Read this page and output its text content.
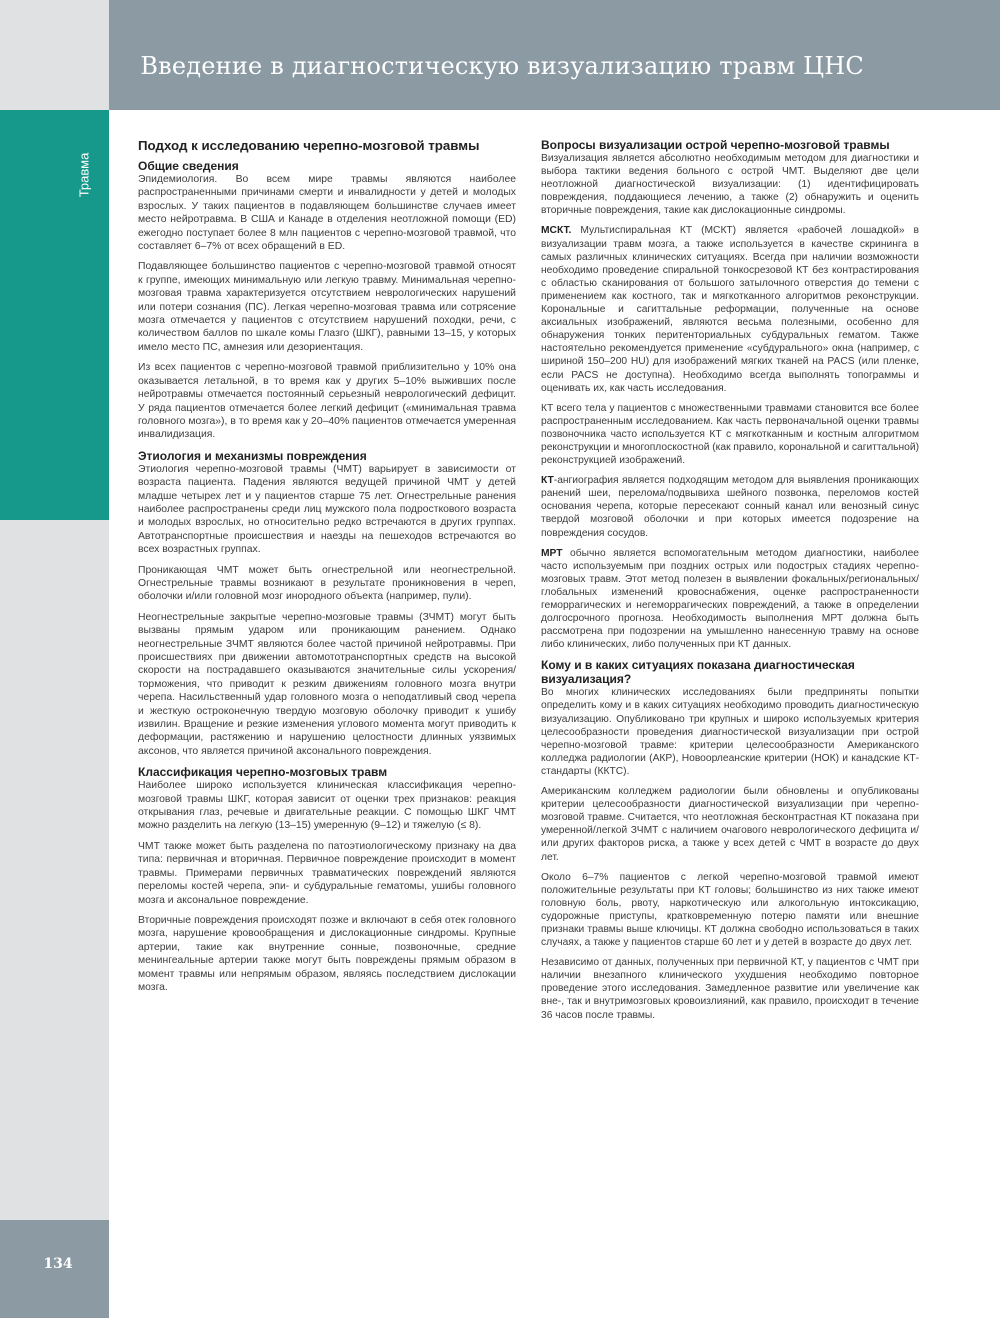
Введение в диагностическую визуализацию травм ЦНС
Травма
134
Подход к исследованию черепно-мозговой травмы
Общие сведения

Эпидемиология. Во всем мире травмы являются наиболее распространенными причинами смерти и инвалидности у детей и молодых взрослых. У таких пациентов в подавляющем большинстве случаев имеет место нейротравма. В США и Канаде в отделения неотложной помощи (ED) ежегодно поступает более 8 млн пациентов с черепно-мозговой травмой, что составляет 6–7% от всех обращений в ED.

Подавляющее большинство пациентов с черепно-мозговой травмой относят к группе, имеющих минимальную или легкую травму. Минимальная черепно-мозговая травма характеризуется отсутствием неврологических нарушений или потери сознания (ПС). Легкая черепно-мозговая травма или сотрясение мозга отмечается у пациентов с отсутствием нарушений походки, речи, с количеством баллов по шкале комы Глазго (ШКГ), равными 13–15, у которых имело место ПС, амнезия или дезориентация.

Из всех пациентов с черепно-мозговой травмой приблизительно у 10% она оказывается летальной, в то время как у других 5–10% выживших после нейротравмы отмечается постоянный серьезный неврологический дефицит. У ряда пациентов отмечается более легкий дефицит («минимальная травма головного мозга»), в то время как у 20–40% пациентов отмечается умеренная инвалидизация.

Этиология и механизмы повреждения

Этиология черепно-мозговой травмы (ЧМТ) варьирует в зависимости от возраста пациента. Падения являются ведущей причиной ЧМТ у детей младше четырех лет и у пациентов старше 75 лет. Огнестрельные ранения наиболее распространены среди лиц мужского пола подросткового возраста и молодых взрослых, но относительно редко встречаются в других группах. Автотранспортные происшествия и наезды на пешеходов встречаются во всех возрастных группах.

Проникающая ЧМТ может быть огнестрельной или неогнестрельной. Огнестрельные травмы возникают в результате проникновения в череп, оболочки и/или головной мозг инородного объекта (например, пули).

Неогнестрельные закрытые черепно-мозговые травмы (ЗЧМТ) могут быть вызваны прямым ударом или проникающим ранением. Однако неогнестрельные ЗЧМТ являются более частой причиной нейротравмы. При происшествиях при движении автомототранспортных средств на высокой скорости на пострадавшего оказываются значительные силы ускорения/торможения, что приводит к резким движениям головного мозга внутри черепа. Насильственный удар головного мозга о неподатливый свод черепа и жесткую остроконечную твердую мозговую оболочку приводит к ушибу извилин. Вращение и резкие изменения углового момента могут приводить к деформации, растяжению и нарушению целостности длинных уязвимых аксонов, что является причиной аксонального повреждения.

Классификация черепно-мозговых травм

Наиболее широко используется клиническая классификация черепно-мозговой травмы ШКГ, которая зависит от оценки трех признаков: реакция открывания глаз, речевые и двигательные реакции. С помощью ШКГ ЧМТ можно разделить на легкую (13–15) умеренную (9–12) и тяжелую (≤ 8).

ЧМТ также может быть разделена по патоэтиологическому признаку на два типа: первичная и вторичная. Первичное повреждение происходит в момент травмы. Примерами первичных травматических повреждений являются переломы костей черепа, эпи- и субдуральные гематомы, ушибы головного мозга и аксональное повреждение.

Вторичные повреждения происходят позже и включают в себя отек головного мозга, нарушение кровообращения и дислокационные синдромы. Крупные артерии, такие как внутренние сонные, позвоночные, средние менингеальные артерии также могут быть повреждены прямым образом в момент травмы или непрямым образом, являясь последствием дислокации мозга.

Вопросы визуализации острой черепно-мозговой травмы

Визуализация является абсолютно необходимым методом для диагностики и выбора тактики ведения больного с острой ЧМТ. Выделяют две цели неотложной диагностической визуализации: (1) идентифицировать повреждения, поддающиеся лечению, а также (2) обнаружить и оценить вторичные повреждения, такие как дислокационные синдромы.

МСКТ. Мультиспиральная КТ (МСКТ) является «рабочей лошадкой» в визуализации травм мозга, а также используется в качестве скрининга в самых различных клинических ситуациях. Всегда при наличии возможности необходимо проведение спиральной тонкосрезовой КТ без контрастирования с областью сканирования от большого затылочного отверстия до темени с применением как костного, так и мягкотканного алгоритмов реконструкции. Корональные и сагиттальные реформации, полученные на основе аксиальных изображений, являются весьма полезными, особенно для обнаружения тонких перитенториальных субдуральных гематом. Также настоятельно рекомендуется применение «субдурального» окна (например, с шириной 150–200 HU) для изображений мягких тканей на PACS (или пленке, если PACS не доступна). Необходимо всегда выполнять топограммы и оценивать их, как часть исследования.

КТ всего тела у пациентов с множественными травмами становится все более распространенным исследованием. Как часть первоначальной оценки травмы позвоночника часто используется КТ с мягкотканным и костным алгоритмом реконструкции и многоплоскостной (как правило, корональной и сагиттальной) реконструкцией изображений.

КТ-ангиография является подходящим методом для выявления проникающих ранений шеи, перелома/подвывиха шейного позвонка, переломов костей основания черепа, которые пересекают сонный канал или венозный синус твердой мозговой оболочки и при которых имеется подозрение на повреждения сосудов.

МРТ обычно является вспомогательным методом диагностики, наиболее часто используемым при поздних острых или подострых стадиях черепно-мозговых травм. Этот метод полезен в выявлении фокальных/региональных/глобальных изменений кровоснабжения, оценке распространенности геморрагических и негеморрагических повреждений, а также в определении долгосрочного прогноза. Необходимость выполнения МРТ должна быть рассмотрена при подозрении на умышленно нанесенную травму на основе либо клинических, либо полученных при КТ данных.

Кому и в каких ситуациях показана диагностическая визуализация?

Во многих клинических исследованиях были предприняты попытки определить кому и в каких ситуациях необходимо проводить диагностическую визуализацию. Опубликовано три крупных и широко используемых критерия целесообразности проведения диагностической визуализации при острой черепно-мозговой травме: критерии целесообразности Американского колледжа радиологии (АКР), Новоорлеанские критерии (НОК) и канадские КТ-стандарты (ККТС).

Американским колледжем радиологии были обновлены и опубликованы критерии целесообразности диагностической визуализации при черепно-мозговой травме. Считается, что неотложная бесконтрастная КТ показана при умеренной/легкой ЗЧМТ с наличием очагового неврологического дефицита и/или других факторов риска, а также у всех детей с ЧМТ в возрасте до двух лет.

Около 6–7% пациентов с легкой черепно-мозговой травмой имеют положительные результаты при КТ головы; большинство из них также имеют головную боль, рвоту, наркотическую или алкогольную интоксикацию, судорожные приступы, кратковременную потерю памяти или внешние признаки травмы выше ключицы. КТ должна свободно использоваться в таких случаях, а также у пациентов старше 60 лет и у детей в возрасте до двух лет.

Независимо от данных, полученных при первичной КТ, у пациентов с ЧМТ при наличии внезапного клинического ухудшения необходимо повторное проведение этого исследования. Замедленное развитие или увеличение как вне-, так и внутримозговых кровоизлияний, как правило, происходит в течение 36 часов после травмы.
